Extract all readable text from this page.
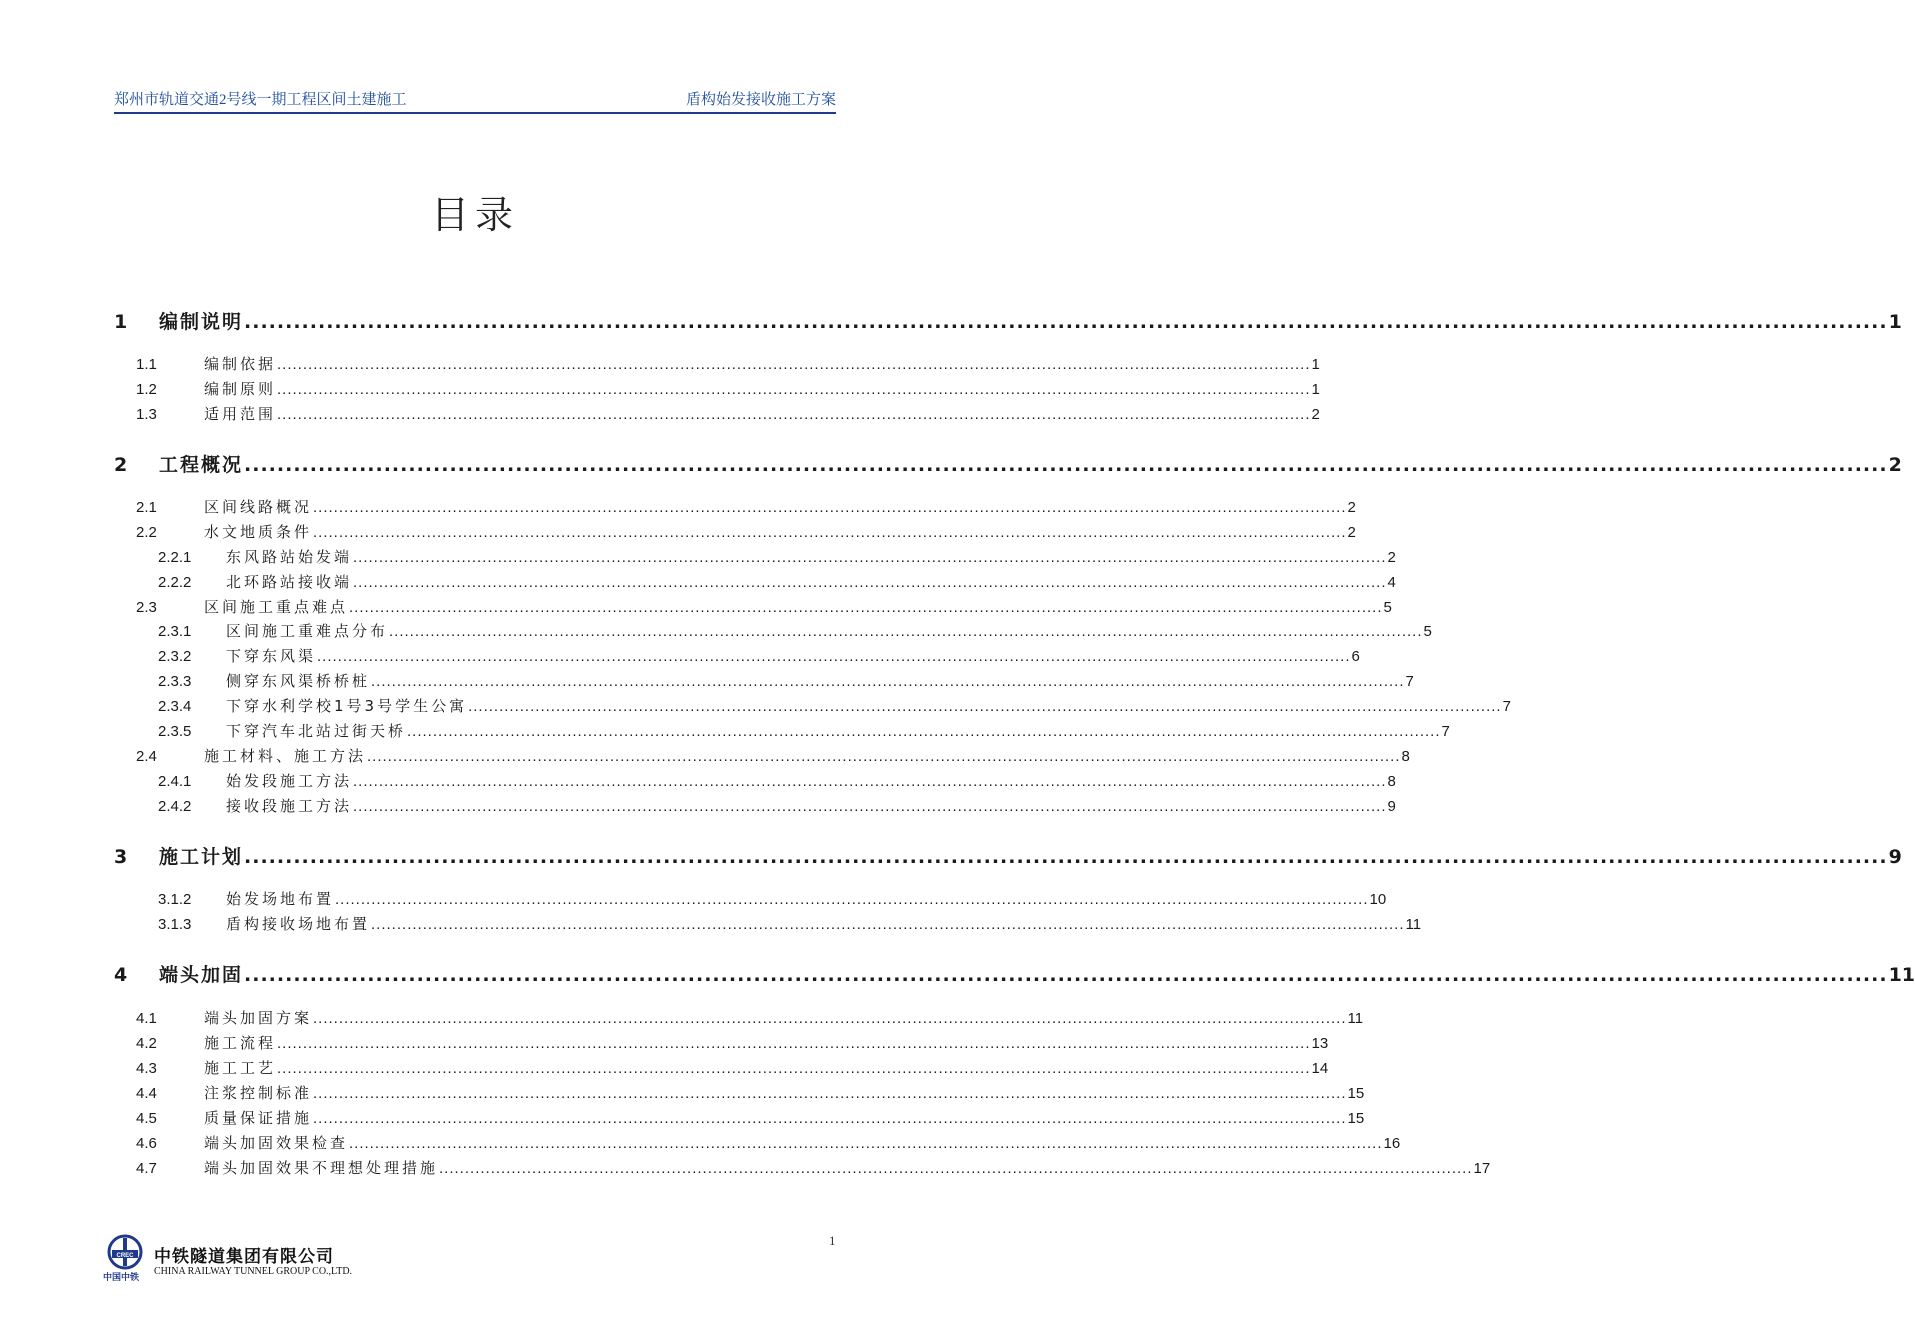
郑州市轨道交通2号线一期工程区间土建施工	盾构始发接收施工方案
目录
1	编制说明 ........................................................................................................................................................................................................ 1
1.1	编制依据 ........................................................................................................................................................................................................ 1
1.2	编制原则 ........................................................................................................................................................................................................ 1
1.3	适用范围 ........................................................................................................................................................................................................ 2
2	工程概况 ........................................................................................................................................................................................................ 2
2.1	区间线路概况 ........................................................................................................................................................................................................ 2
2.2	水文地质条件 ........................................................................................................................................................................................................ 2
2.2.1	东风路站始发端 ........................................................................................................................................................................................................ 2
2.2.2	北环路站接收端 ........................................................................................................................................................................................................ 4
2.3	区间施工重点难点 ........................................................................................................................................................................................................ 5
2.3.1	区间施工重难点分布 ........................................................................................................................................................................................................ 5
2.3.2	下穿东风渠 ........................................................................................................................................................................................................ 6
2.3.3	侧穿东风渠桥桥桩 ........................................................................................................................................................................................................ 7
2.3.4	下穿水利学校1号3号学生公寓 ........................................................................................................................................................................................................ 7
2.3.5	下穿汽车北站过街天桥 ........................................................................................................................................................................................................ 7
2.4	施工材料、施工方法 ........................................................................................................................................................................................................ 8
2.4.1	始发段施工方法 ........................................................................................................................................................................................................ 8
2.4.2	接收段施工方法 ........................................................................................................................................................................................................ 9
3	施工计划 ........................................................................................................................................................................................................ 9
3.1.2	始发场地布置 ........................................................................................................................................................................................................ 10
3.1.3	盾构接收场地布置 ........................................................................................................................................................................................................ 11
4	端头加固 ........................................................................................................................................................................................................ 11
4.1	端头加固方案 ........................................................................................................................................................................................................ 11
4.2	施工流程 ........................................................................................................................................................................................................ 13
4.3	施工工艺 ........................................................................................................................................................................................................ 14
4.4	注浆控制标准 ........................................................................................................................................................................................................ 15
4.5	质量保证措施 ........................................................................................................................................................................................................ 15
4.6	端头加固效果检查 ........................................................................................................................................................................................................ 16
4.7	端头加固效果不理想处理措施 ........................................................................................................................................................................................................ 17
1
CREC
中国中铁
中铁隧道集团有限公司
CHINA RAILWAY TUNNEL GROUP CO.,LTD.
